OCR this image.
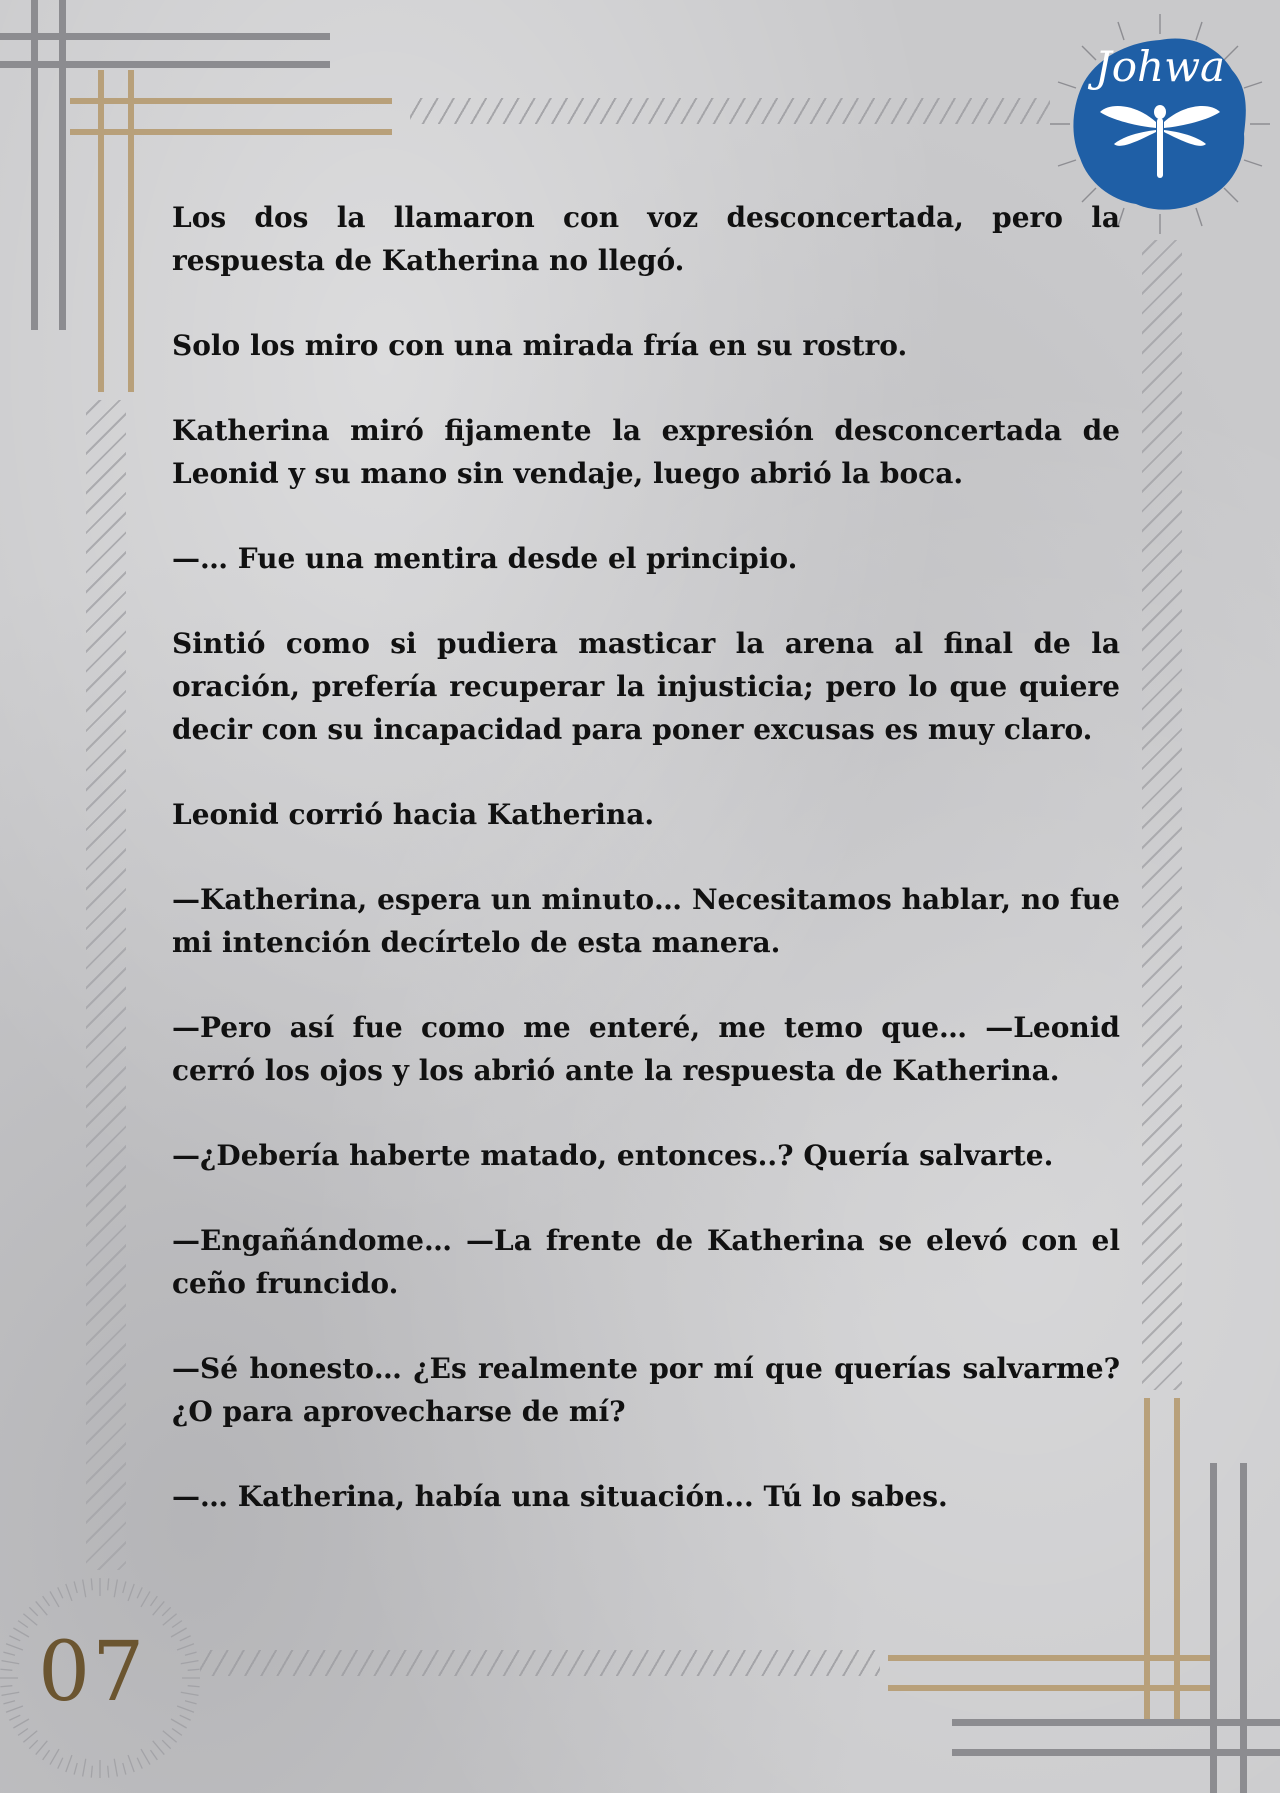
Johwa

Los dos la llamaron con voz desconcertada, pero la respuesta de Katherina no llegó.

Solo los miro con una mirada fría en su rostro.

Katherina miró fijamente la expresión desconcertada de Leonid y su mano sin vendaje, luego abrió la boca.

—… Fue una mentira desde el principio.

Sintió como si pudiera masticar la arena al final de la oración, prefería recuperar la injusticia; pero lo que quiere decir con su incapacidad para poner excusas es muy claro.

Leonid corrió hacia Katherina.

—Katherina, espera un minuto… Necesitamos hablar, no fue mi intención decírtelo de esta manera.

—Pero así fue como me enteré, me temo que… —Leonid cerró los ojos y los abrió ante la respuesta de Katherina.

—¿Debería haberte matado, entonces..? Quería salvarte.

—Engañándome… —La frente de Katherina se elevó con el ceño fruncido.

—Sé honesto… ¿Es realmente por mí que querías salvarme? ¿O para aprovecharse de mí?

—… Katherina, había una situación... Tú lo sabes.

07
